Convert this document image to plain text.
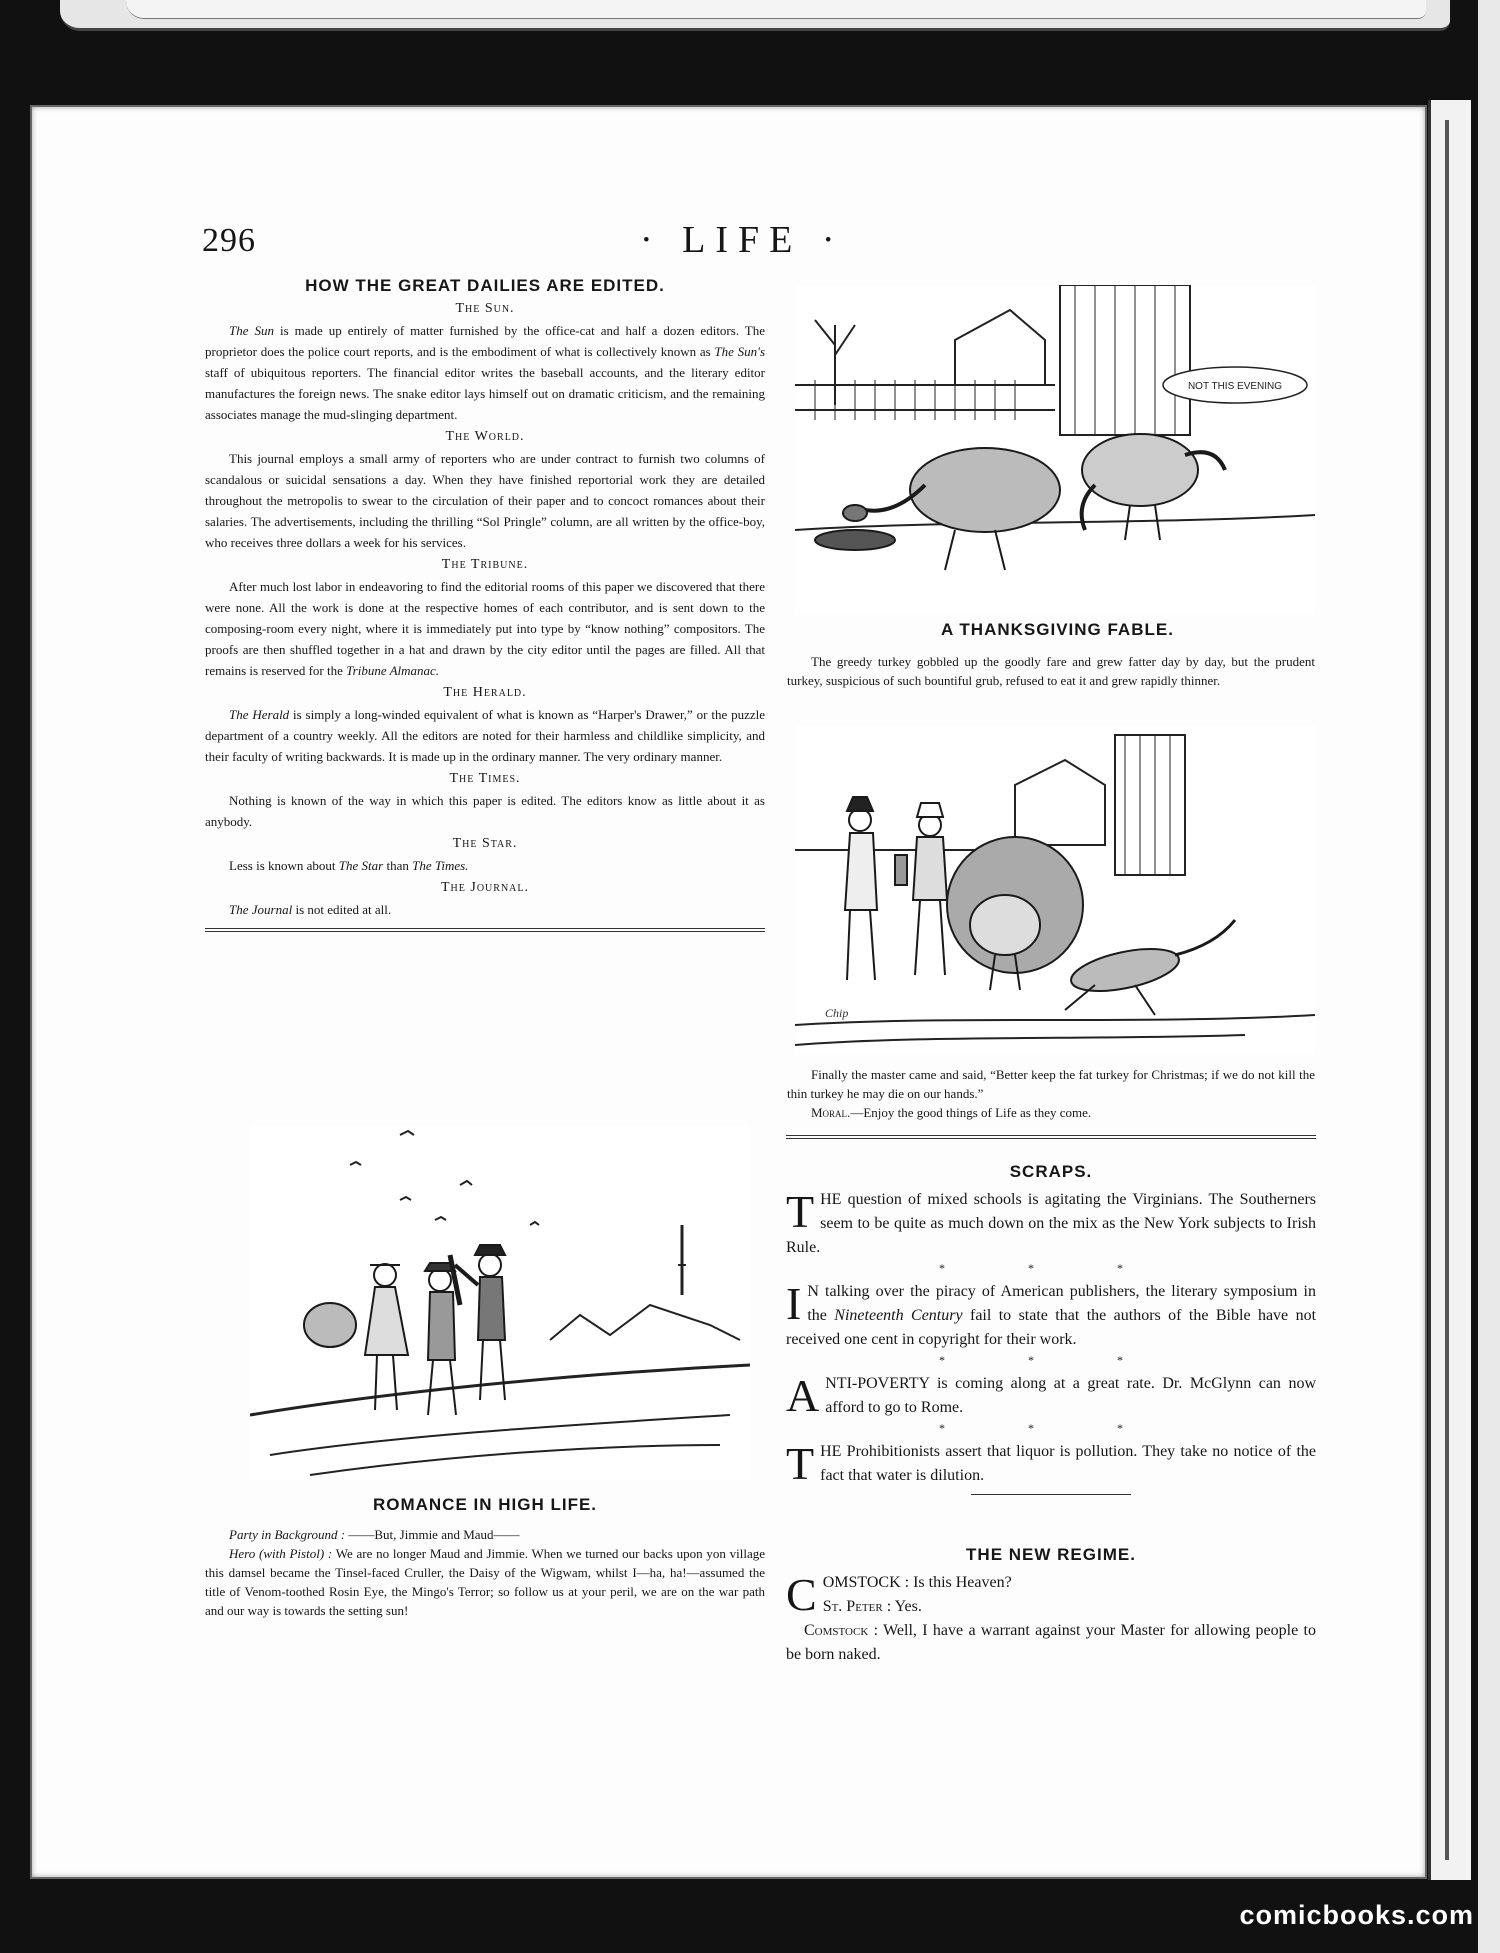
296	· LIFE ·
HOW THE GREAT DAILIES ARE EDITED.
The Sun.

The Sun is made up entirely of matter furnished by the office-cat and half a dozen editors. The proprietor does the police court reports, and is the embodiment of what is collectively known as The Sun's staff of ubiquitous reporters. The financial editor writes the baseball accounts, and the literary editor manufactures the foreign news. The snake editor lays himself out on dramatic criticism, and the remaining associates manage the mud-slinging department.

The World.

This journal employs a small army of reporters who are under contract to furnish two columns of scandalous or suicidal sensations a day. When they have finished reportorial work they are detailed throughout the metropolis to swear to the circulation of their paper and to concoct romances about their salaries. The advertisements, including the thrilling “Sol Pringle” column, are all written by the office-boy, who receives three dollars a week for his services.

The Tribune.

After much lost labor in endeavoring to find the editorial rooms of this paper we discovered that there were none. All the work is done at the respective homes of each contributor, and is sent down to the composing-room every night, where it is immediately put into type by “know nothing” compositors. The proofs are then shuffled together in a hat and drawn by the city editor until the pages are filled. All that remains is reserved for the Tribune Almanac.

The Herald.

The Herald is simply a long-winded equivalent of what is known as “Harper's Drawer,” or the puzzle department of a country weekly. All the editors are noted for their harmless and childlike simplicity, and their faculty of writing backwards. It is made up in the ordinary manner. The very ordinary manner.

The Times.

Nothing is known of the way in which this paper is edited. The editors know as little about it as anybody.

The Star.

Less is known about The Star than The Times.

The Journal.

The Journal is not edited at all.

ROMANCE IN HIGH LIFE.
Party in Background : ——But, Jimmie and Maud——
Hero (with Pistol) : We are no longer Maud and Jimmie. When we turned our backs upon yon village this damsel became the Tinsel-faced Cruller, the Daisy of the Wigwam, whilst I—ha, ha!—assumed the title of Venom-toothed Rosin Eye, the Mingo's Terror; so follow us at your peril, we are on the war path and our way is towards the setting sun!
NOT THIS EVENING
A THANKSGIVING FABLE.
The greedy turkey gobbled up the goodly fare and grew fatter day by day, but the prudent turkey, suspicious of such bountiful grub, refused to eat it and grew rapidly thinner.
Chip
Finally the master came and said, “Better keep the fat turkey for Christmas; if we do not kill the thin turkey he may die on our hands.”
Moral.—Enjoy the good things of Life as they come.
SCRAPS.
THE question of mixed schools is agitating the Virginians. The Southerners seem to be quite as much down on the mix as the New York subjects to Irish Rule.
* * *
I N talking over the piracy of American publishers, the literary symposium in the Nineteenth Century fail to state that the authors of the Bible have not received one cent in copyright for their work.
* * *
ANTI-POVERTY is coming along at a great rate. Dr. McGlynn can now afford to go to Rome.
* * *
THE Prohibitionists assert that liquor is pollution. They take no notice of the fact that water is dilution.
THE NEW REGIME.
COMSTOCK : Is this Heaven?
St. Peter : Yes.
Comstock : Well, I have a warrant against your Master for allowing people to be born naked.
comicbooks.com
